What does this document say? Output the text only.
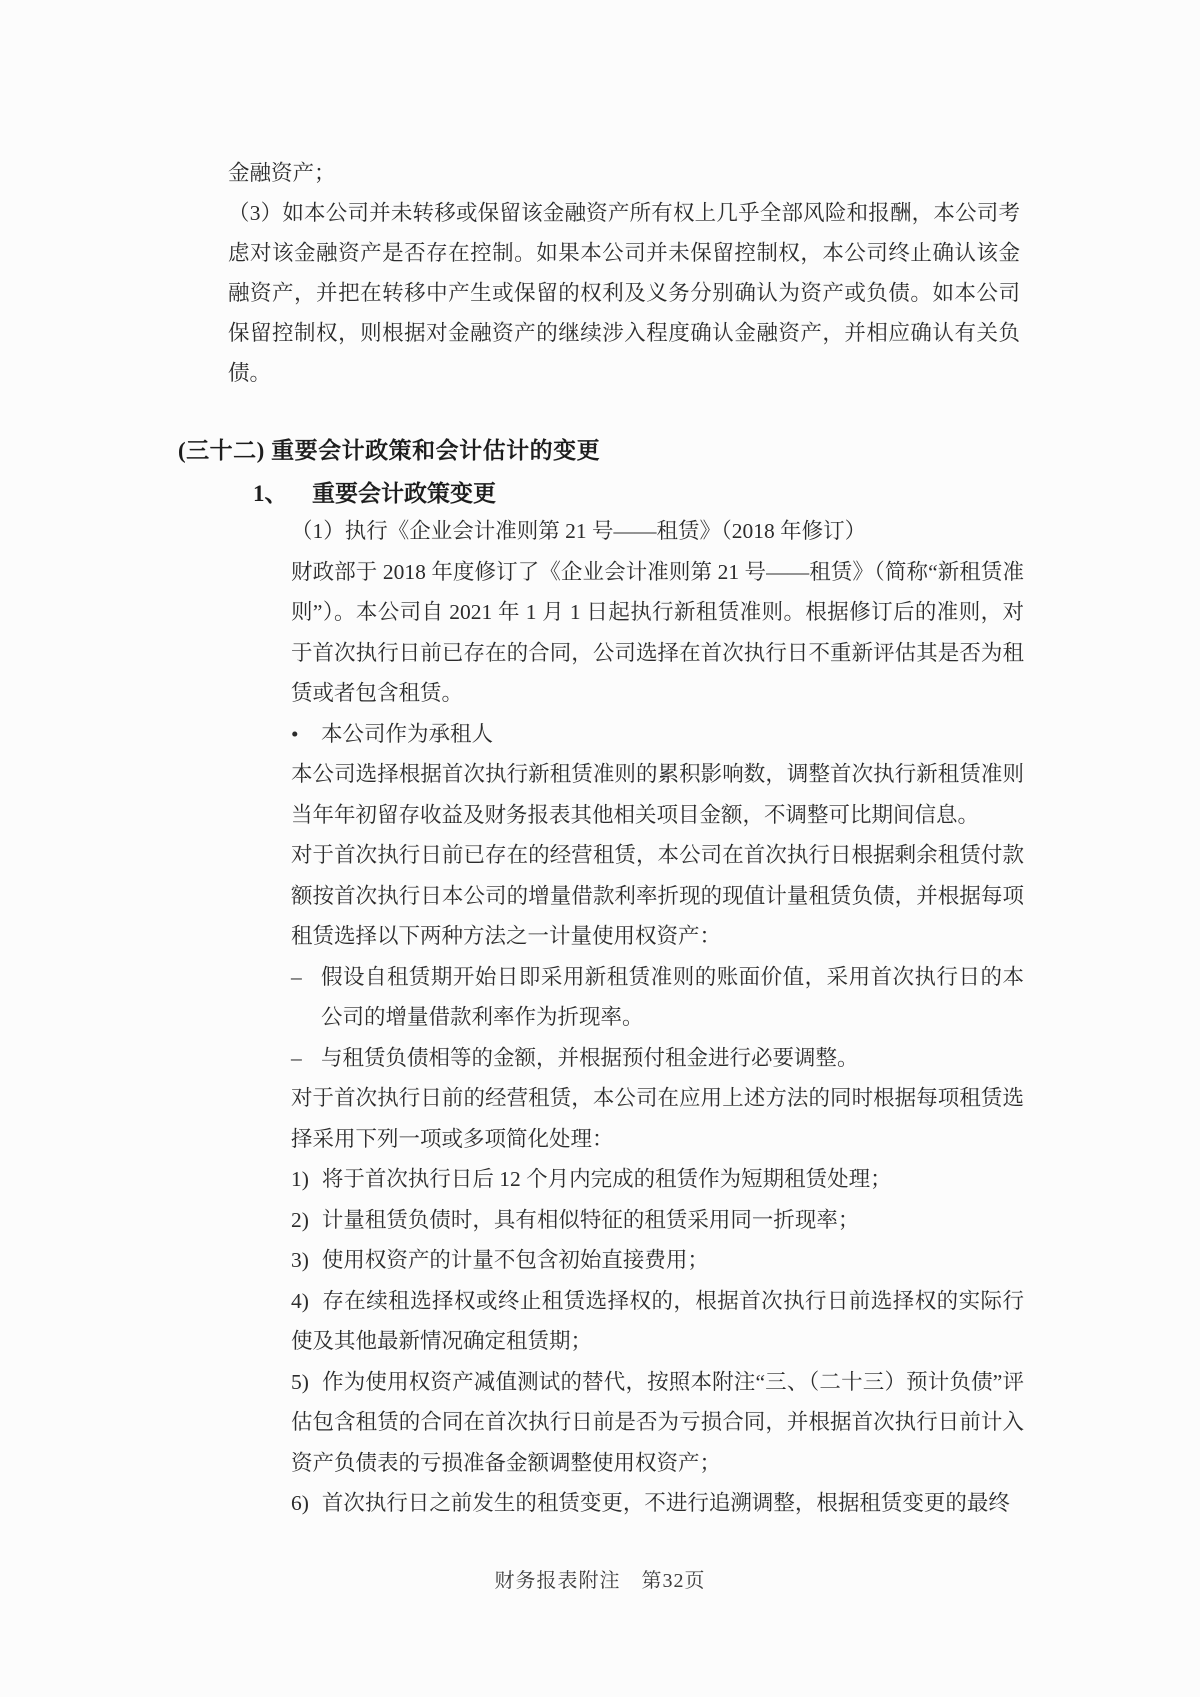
金融资产；

（3）如本公司并未转移或保留该金融资产所有权上几乎全部风险和报酬，本公司考虑对该金融资产是否存在控制。如果本公司并未保留控制权，本公司终止确认该金融资产，并把在转移中产生或保留的权利及义务分别确认为资产或负债。如本公司保留控制权，则根据对金融资产的继续涉入程度确认金融资产，并相应确认有关负债。

(三十二) 重要会计政策和会计估计的变更
1、 重要会计政策变更

（1）执行《企业会计准则第 21 号——租赁》（2018 年修订）

财政部于 2018 年度修订了《企业会计准则第 21 号——租赁》（简称“新租赁准则”）。本公司自 2021 年 1 月 1 日起执行新租赁准则。根据修订后的准则，对于首次执行日前已存在的合同，公司选择在首次执行日不重新评估其是否为租赁或者包含租赁。

• 本公司作为承租人

本公司选择根据首次执行新租赁准则的累积影响数，调整首次执行新租赁准则当年年初留存收益及财务报表其他相关项目金额，不调整可比期间信息。

对于首次执行日前已存在的经营租赁，本公司在首次执行日根据剩余租赁付款额按首次执行日本公司的增量借款利率折现的现值计量租赁负债，并根据每项租赁选择以下两种方法之一计量使用权资产：

– 假设自租赁期开始日即采用新租赁准则的账面价值，采用首次执行日的本公司的增量借款利率作为折现率。

– 与租赁负债相等的金额，并根据预付租金进行必要调整。

对于首次执行日前的经营租赁，本公司在应用上述方法的同时根据每项租赁选择采用下列一项或多项简化处理：

1) 将于首次执行日后 12 个月内完成的租赁作为短期租赁处理；

2) 计量租赁负债时，具有相似特征的租赁采用同一折现率；

3) 使用权资产的计量不包含初始直接费用；

4) 存在续租选择权或终止租赁选择权的，根据首次执行日前选择权的实际行使及其他最新情况确定租赁期；

5) 作为使用权资产减值测试的替代，按照本附注“三、（二十三）预计负债”评估包含租赁的合同在首次执行日前是否为亏损合同，并根据首次执行日前计入资产负债表的亏损准备金额调整使用权资产；

6) 首次执行日之前发生的租赁变更，不进行追溯调整，根据租赁变更的最终

财务报表附注　第32页
